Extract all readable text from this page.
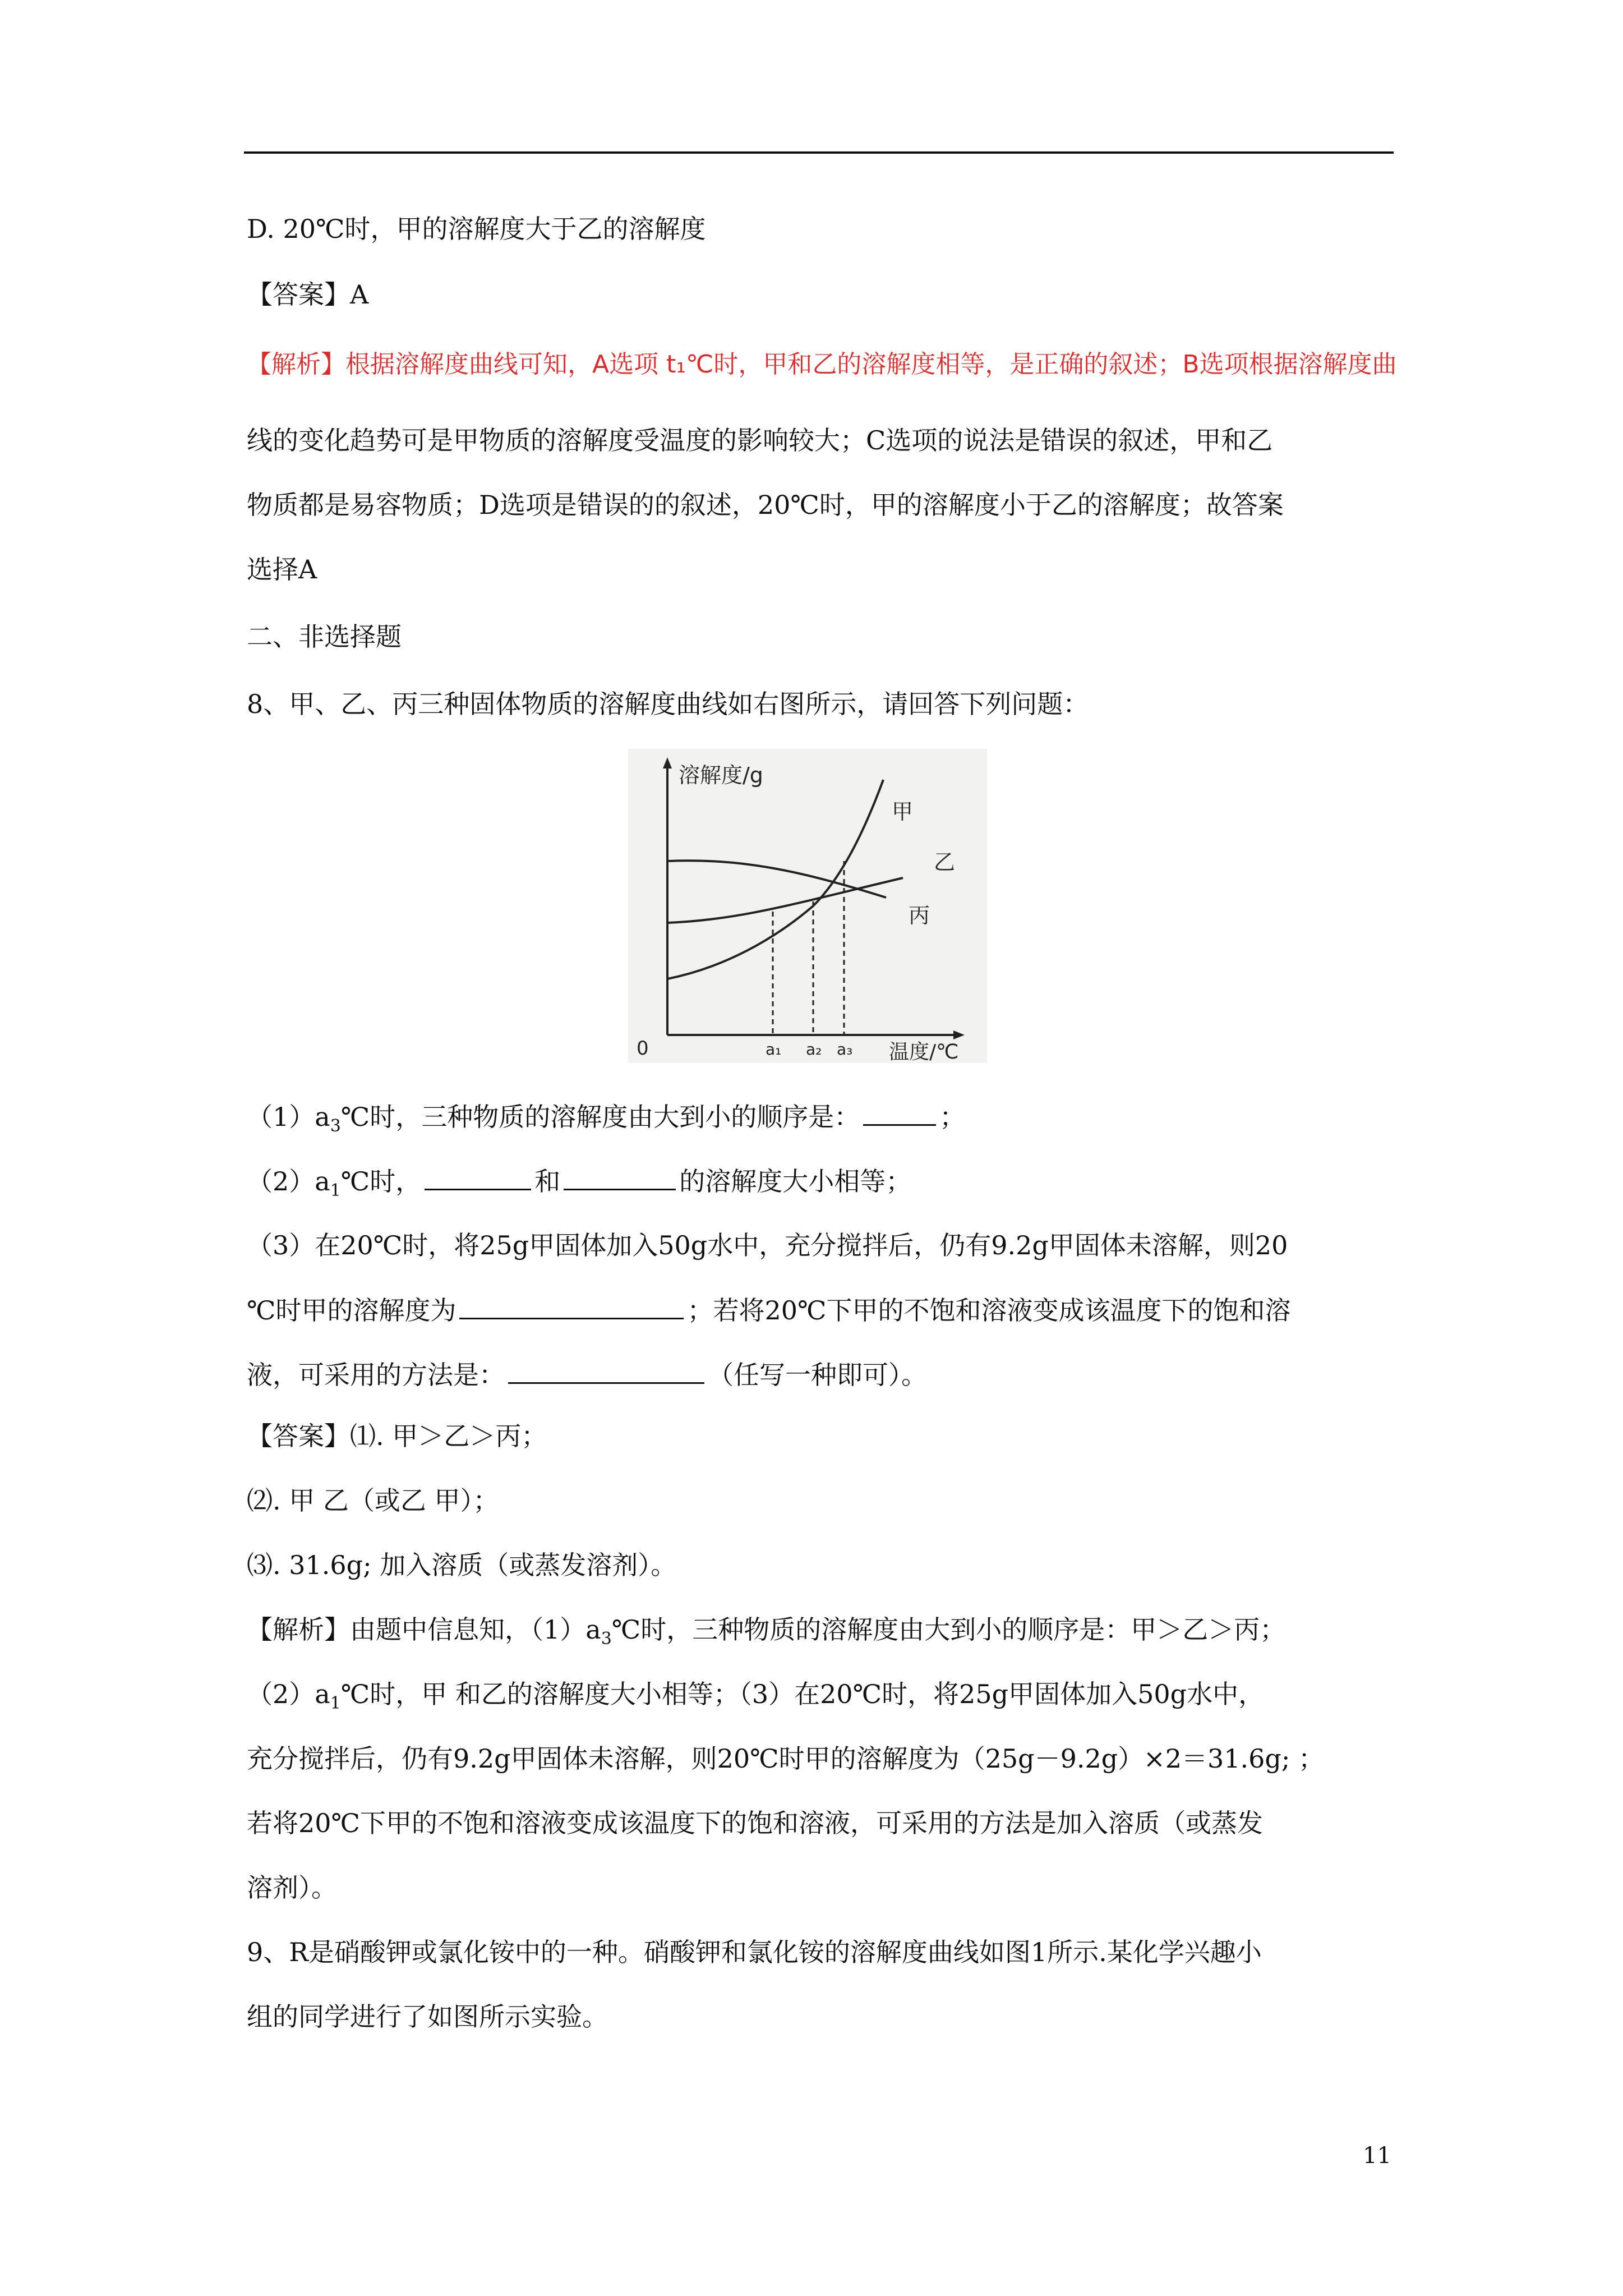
D. 20℃时，甲的溶解度大于乙的溶解度
【答案】A
【解析】根据溶解度曲线可知，A选项 t₁℃时，甲和乙的溶解度相等，是正确的叙述；B选项根据溶解度曲
线的变化趋势可是甲物质的溶解度受温度的影响较大；C选项的说法是错误的叙述，甲和乙
物质都是易容物质；D选项是错误的的叙述，20℃时，甲的溶解度小于乙的溶解度；故答案
选择A
二、非选择题
8、甲、乙、丙三种固体物质的溶解度曲线如右图所示，请回答下列问题：
溶解度/g
0	温度/℃
甲
乙
丙
a₁ a₂ a₃
$(1)a_3℃$时，三种物质的溶解度由大到小的顺序是：	；
$(2)a_1℃$时，	和	的溶解度大小相等；
（3）在20℃时，将25g甲固体加入50g水中，充分搅拌后，仍有9.2g甲固体未溶解，则20
℃时甲的溶解度为	；若将20℃下甲的不饱和溶液变成该温度下的饱和溶
液，可采用的方法是：	（任写一种即可）。
【答案】⑴. 甲＞乙＞丙；
⑵. 甲 乙（或乙 甲）；
⑶. 31.6g; 加入溶质（或蒸发溶剂）。
【解析】由题中信息知，$(1)a_3℃$时，三种物质的溶解度由大到小的顺序是：甲＞乙＞丙；
$(2)a_1℃$时，甲 和乙的溶解度大小相等；（3）在20℃时，将25g甲固体加入50g水中，
充分搅拌后，仍有9.2g甲固体未溶解，则20℃时甲的溶解度为（25g－9.2g）×2＝31.6g; ；
若将20℃下甲的不饱和溶液变成该温度下的饱和溶液，可采用的方法是加入溶质（或蒸发
溶剂）。
9、R是硝酸钾或氯化铵中的一种。硝酸钾和氯化铵的溶解度曲线如图1所示.某化学兴趣小
组的同学进行了如图所示实验。
11
